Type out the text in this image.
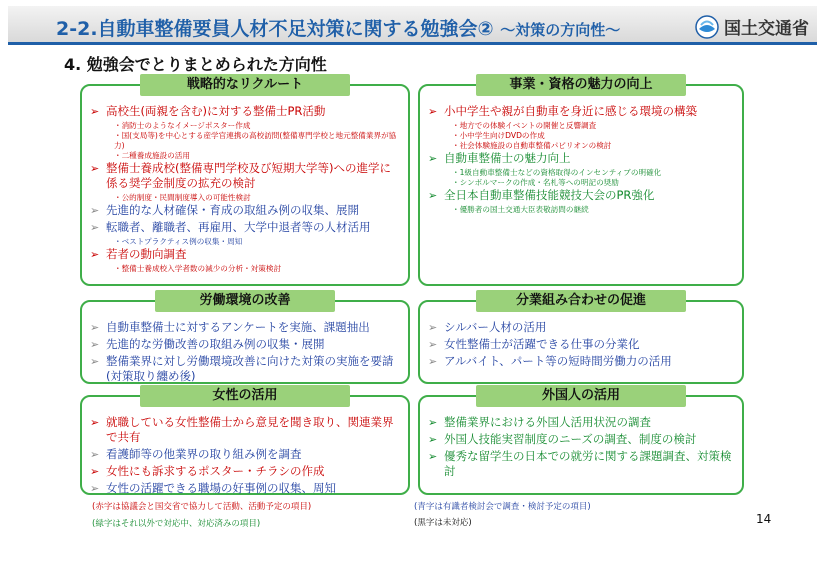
2-2.自動車整備要員人材不足対策に関する勉強会② ～対策の方向性～	国土交通省
4. 勉強会でとりまとめられた方向性
戦略的なリクルート
➢ 高校生(両親を含む)に対する整備士PR活動
・消防士のようなイメージポスター作成
・国(支局等)を中心とする産学官連携の高校訪問(整備専門学校と地元整備業界が協力)
・二種養成施設の活用
➢ 整備士養成校(整備専門学校及び短期大学等)への進学に係る奨学金制度の拡充の検討
・公的制度・民間制度導入の可能性検討
➢ 先進的な人材確保・育成の取組み例の収集、展開
➢ 転職者、離職者、再雇用、大学中退者等の人材活用
・ベストプラクティス例の収集・周知
➢ 若者の動向調査
・整備士養成校入学者数の減少の分析・対策検討
事業・資格の魅力の向上
➢ 小中学生や親が自動車を身近に感じる環境の構築
・地方での体験イベントの開催と反響調査
・小中学生向けDVDの作成
・社会体験施設の自動車整備パビリオンの検討
➢ 自動車整備士の魅力向上
・1級自動車整備士などの資格取得のインセンティブの明確化
・シンボルマークの作成・名札等への明記の奨励
➢ 全日本自動車整備技能競技大会のPR強化
・優勝者の国土交通大臣表敬訪問の継続
労働環境の改善
➢ 自動車整備士に対するアンケートを実施、課題抽出
➢ 先進的な労働改善の取組み例の収集・展開
➢ 整備業界に対し労働環境改善に向けた対策の実施を要請(対策取り纏め後)
分業組み合わせの促進
➢ シルバー人材の活用
➢ 女性整備士が活躍できる仕事の分業化
➢ アルバイト、パート等の短時間労働力の活用
女性の活用
➢ 就職している女性整備士から意見を聞き取り、関連業界で共有
➢ 看護師等の他業界の取り組み例を調査
➢ 女性にも訴求するポスター・チラシの作成
➢ 女性の活躍できる職場の好事例の収集、周知
外国人の活用
➢ 整備業界における外国人活用状況の調査
➢ 外国人技能実習制度のニーズの調査、制度の検討
➢ 優秀な留学生の日本での就労に関する課題調査、対策検討
(赤字は協議会と国交省で協力して活動、活動予定の項目)
(緑字はそれ以外で対応中、対応済みの項目)
(青字は有識者検討会で調査・検討予定の項目)
(黒字は未対応)	14
